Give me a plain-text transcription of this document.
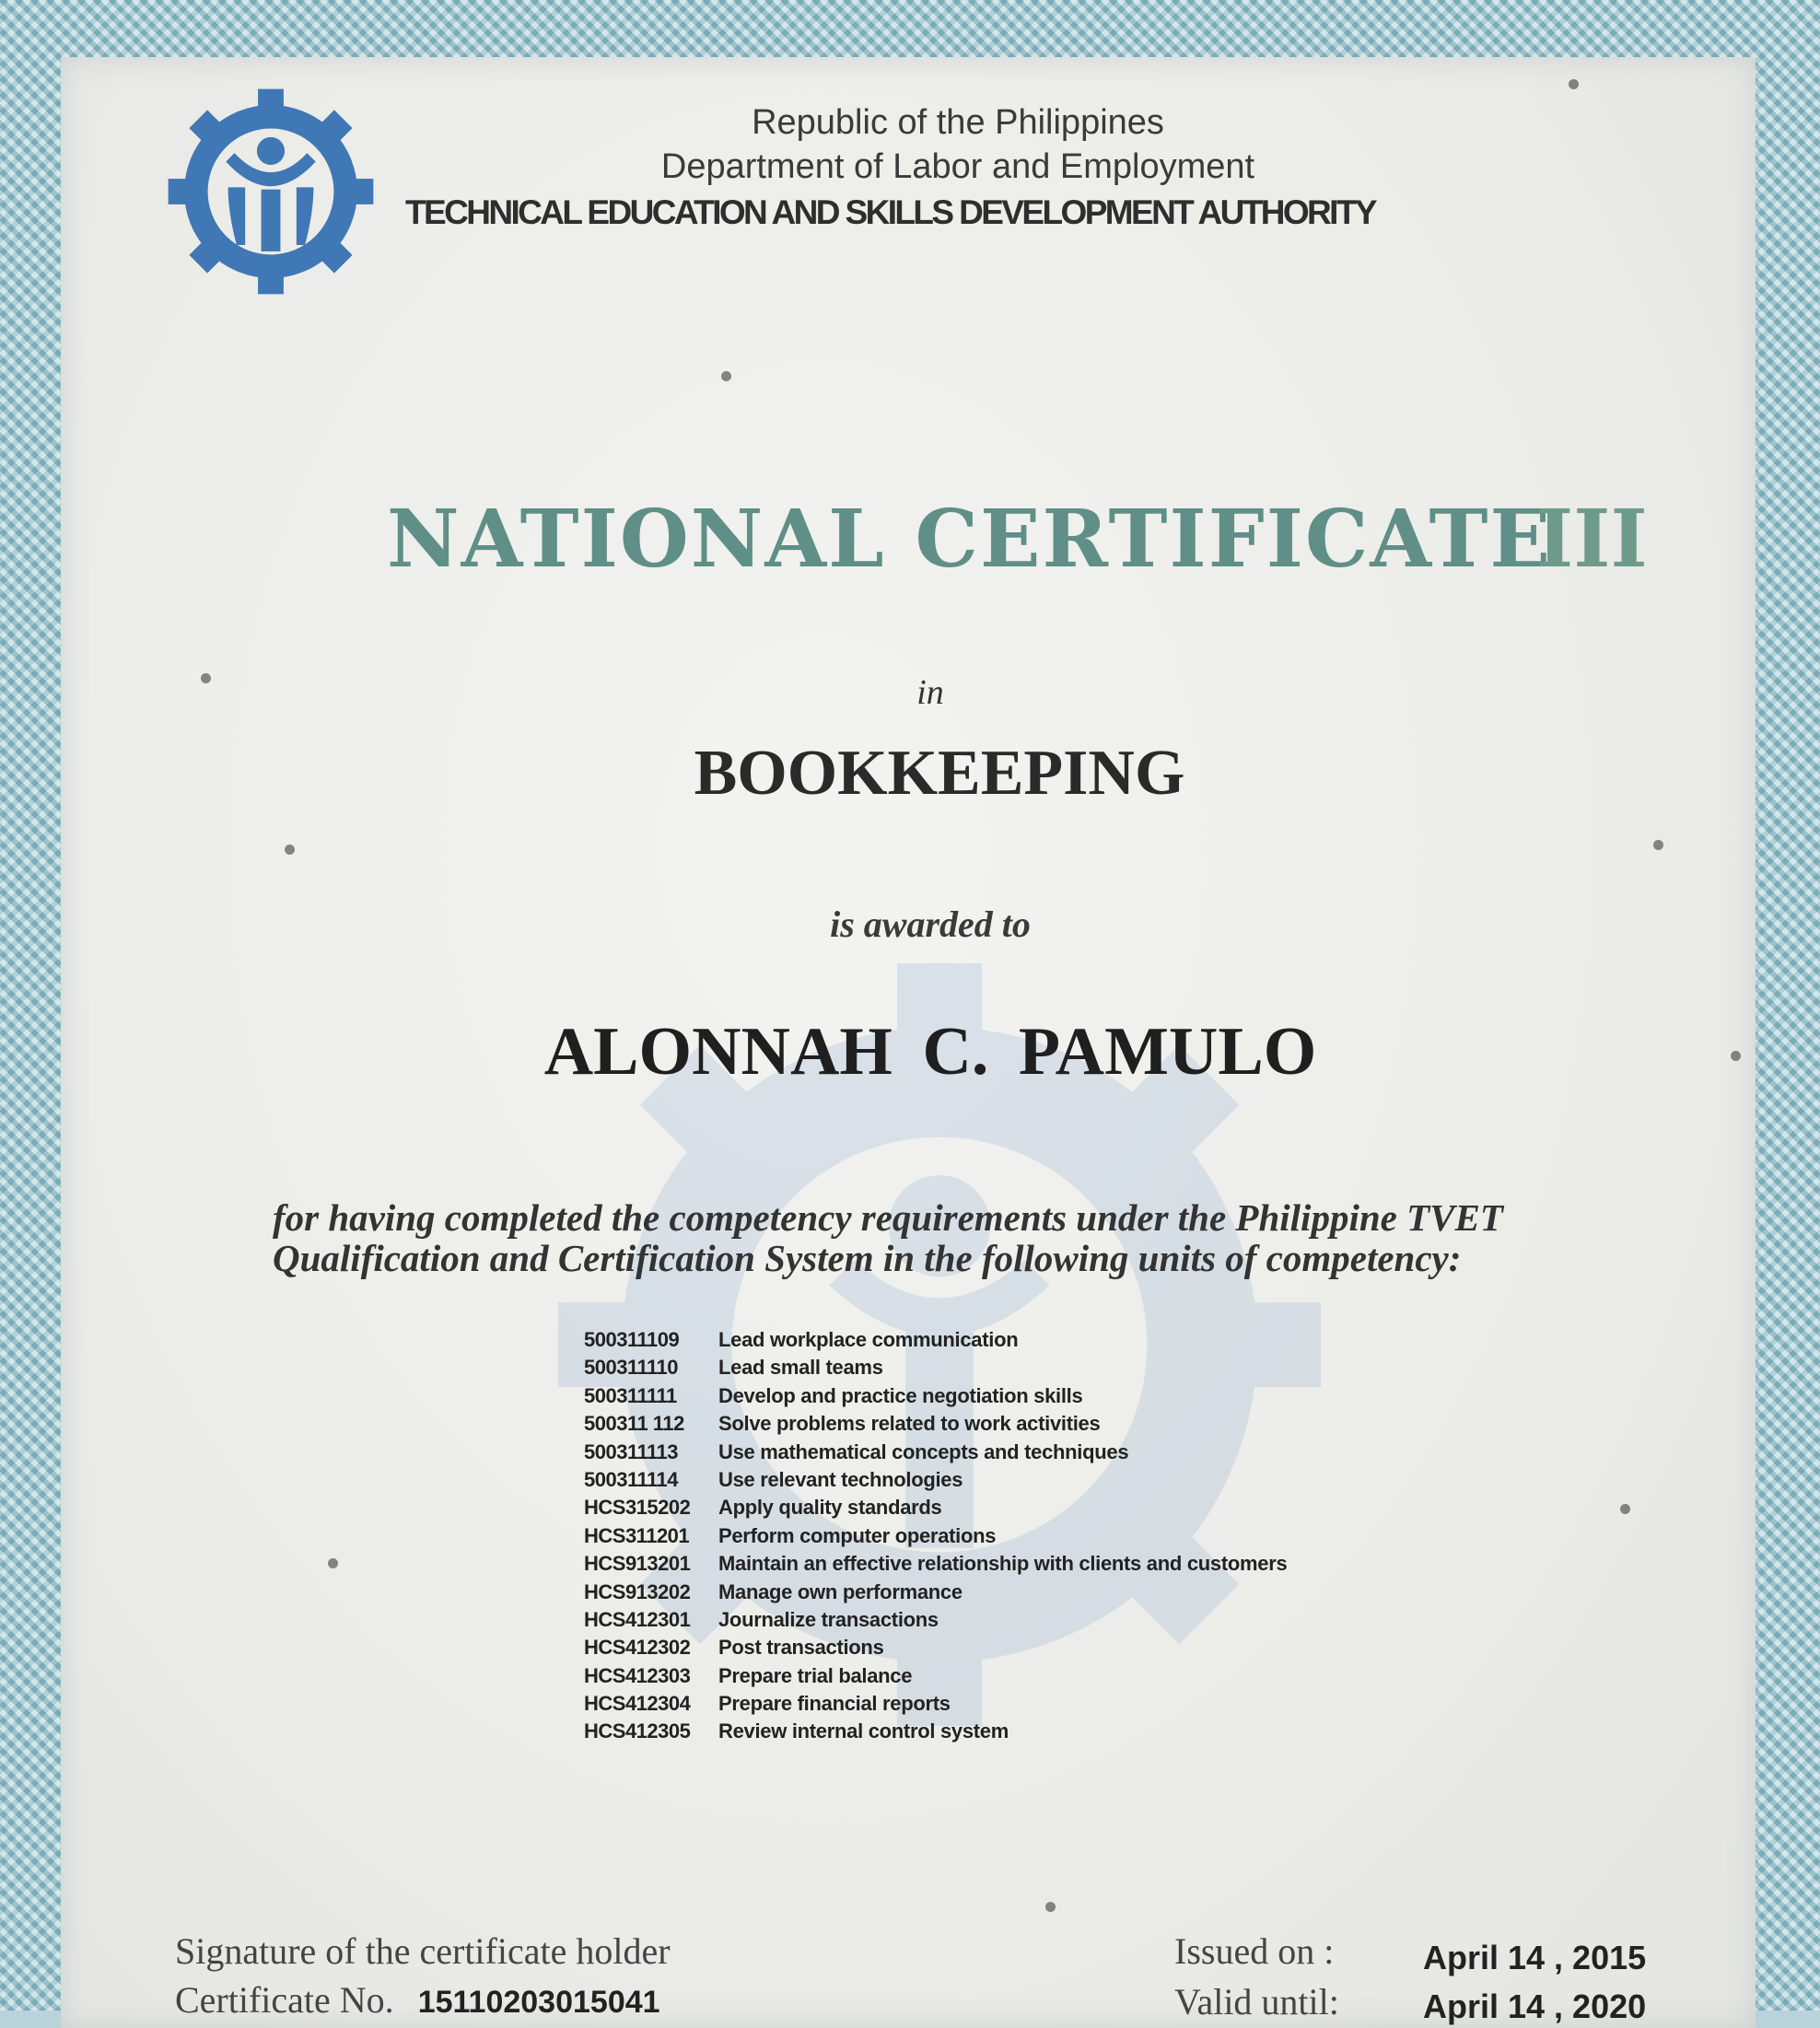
Republic of the Philippines
Department of Labor and Employment
TECHNICAL EDUCATION AND SKILLS DEVELOPMENT AUTHORITY
NATIONAL CERTIFICATE
III
in
BOOKKEEPING
is awarded to
ALONNAH C. PAMULO
for having completed the competency requirements under the Philippine TVET Qualification and Certification System in the following units of competency:
500311109 Lead workplace communication
500311110 Lead small teams
500311111 Develop and practice negotiation skills
500311 112 Solve problems related to work activities
500311113 Use mathematical concepts and techniques
500311114 Use relevant technologies
HCS315202 Apply quality standards
HCS311201 Perform computer operations
HCS913201 Maintain an effective relationship with clients and customers
HCS913202 Manage own performance
HCS412301 Journalize transactions
HCS412302 Post transactions
HCS412303 Prepare trial balance
HCS412304 Prepare financial reports
HCS412305 Review internal control system
Signature of the certificate holder
Certificate No. 15110203015041
Issued on :	April 14 , 2015
Valid until:	April 14 , 2020
